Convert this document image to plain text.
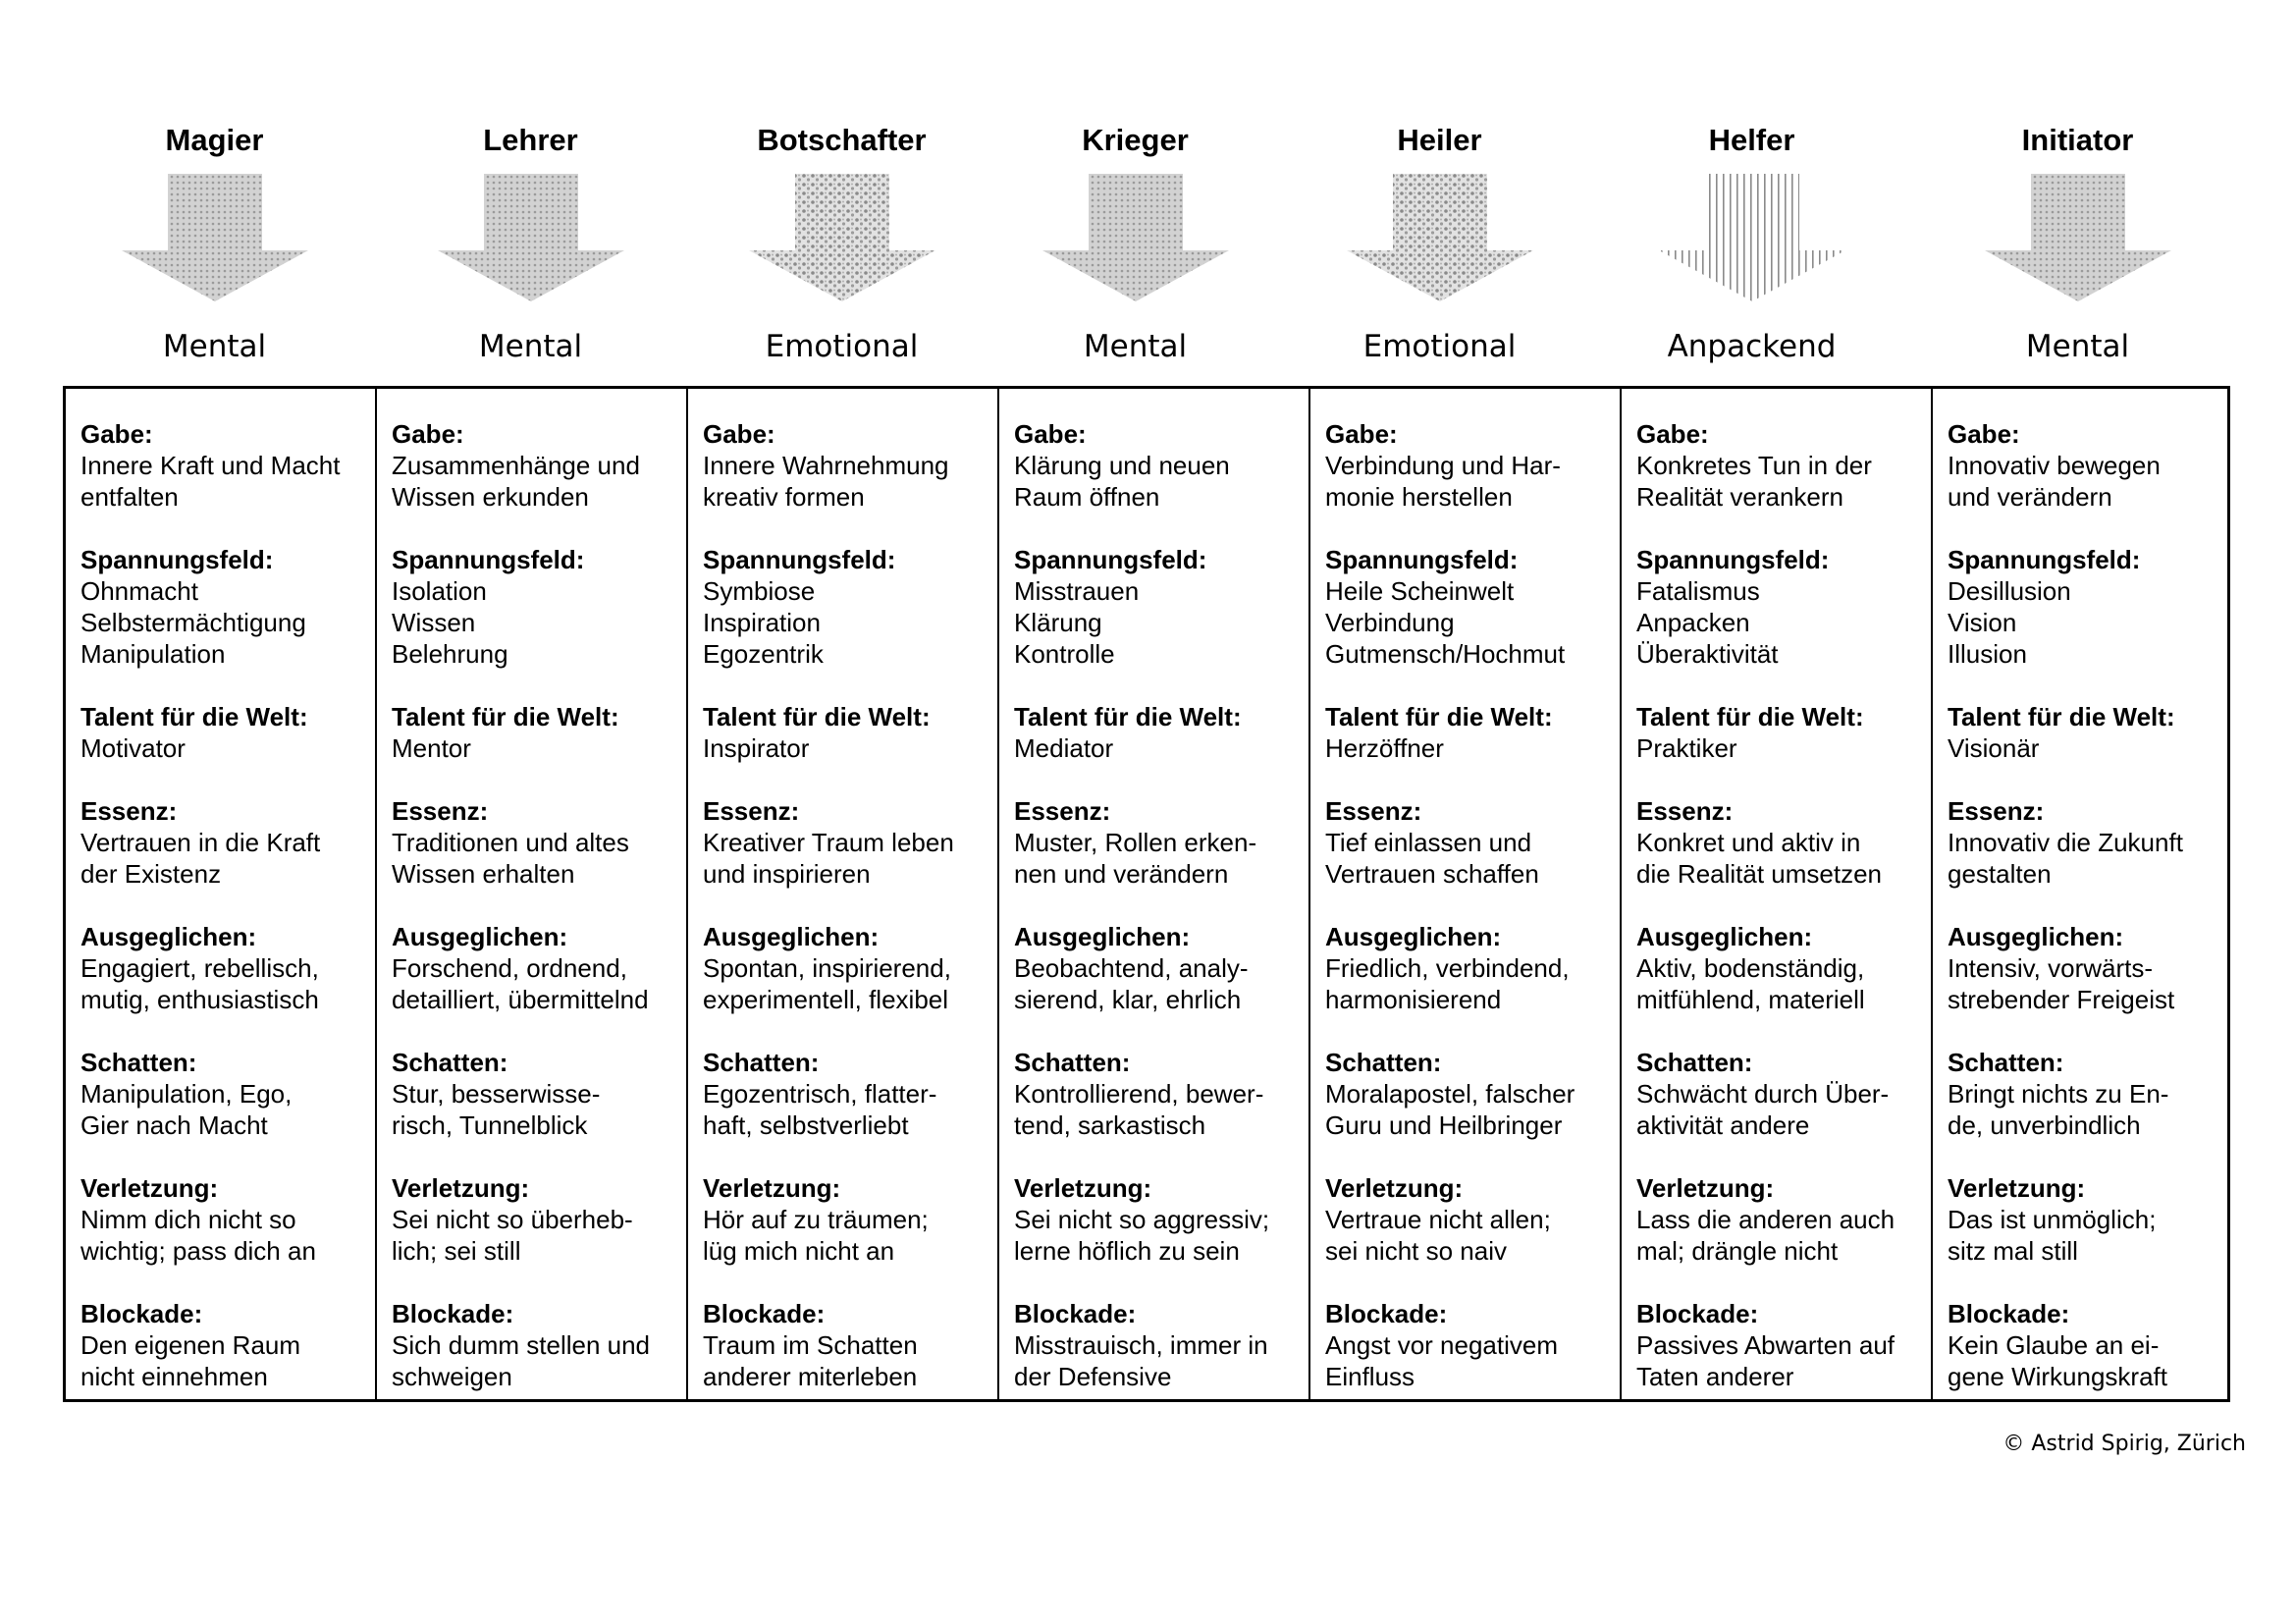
Magier
Mental
Lehrer
Mental
Botschafter
Emotional
Krieger
Mental
Heiler
Emotional
Helfer
Anpackend
Initiator
Mental
Gabe:
Innere Kraft und Macht
entfalten
Spannungsfeld:
Ohnmacht
Selbstermächtigung
Manipulation
Talent für die Welt:
Motivator
Essenz:
Vertrauen in die Kraft
der Existenz
Ausgeglichen:
Engagiert, rebellisch,
mutig, enthusiastisch
Schatten:
Manipulation, Ego,
Gier nach Macht
Verletzung:
Nimm dich nicht so
wichtig; pass dich an
Blockade:
Den eigenen Raum
nicht einnehmen
Gabe:
Zusammenhänge und
Wissen erkunden
Spannungsfeld:
Isolation
Wissen
Belehrung
Talent für die Welt:
Mentor
Essenz:
Traditionen und altes
Wissen erhalten
Ausgeglichen:
Forschend, ordnend,
detailliert, übermittelnd
Schatten:
Stur, besserwisse-
risch, Tunnelblick
Verletzung:
Sei nicht so überheb-
lich; sei still
Blockade:
Sich dumm stellen und
schweigen
Gabe:
Innere Wahrnehmung
kreativ formen
Spannungsfeld:
Symbiose
Inspiration
Egozentrik
Talent für die Welt:
Inspirator
Essenz:
Kreativer Traum leben
und inspirieren
Ausgeglichen:
Spontan, inspirierend,
experimentell, flexibel
Schatten:
Egozentrisch, flatter-
haft, selbstverliebt
Verletzung:
Hör auf zu träumen;
lüg mich nicht an
Blockade:
Traum im Schatten
anderer miterleben
Gabe:
Klärung und neuen
Raum öffnen
Spannungsfeld:
Misstrauen
Klärung
Kontrolle
Talent für die Welt:
Mediator
Essenz:
Muster, Rollen erken-
nen und verändern
Ausgeglichen:
Beobachtend, analy-
sierend, klar, ehrlich
Schatten:
Kontrollierend, bewer-
tend, sarkastisch
Verletzung:
Sei nicht so aggressiv;
lerne höflich zu sein
Blockade:
Misstrauisch, immer in
der Defensive
Gabe:
Verbindung und Har-
monie herstellen
Spannungsfeld:
Heile Scheinwelt
Verbindung
Gutmensch/Hochmut
Talent für die Welt:
Herzöffner
Essenz:
Tief einlassen und
Vertrauen schaffen
Ausgeglichen:
Friedlich, verbindend,
harmonisierend
Schatten:
Moralapostel, falscher
Guru und Heilbringer
Verletzung:
Vertraue nicht allen;
sei nicht so naiv
Blockade:
Angst vor negativem
Einfluss
Gabe:
Konkretes Tun in der
Realität verankern
Spannungsfeld:
Fatalismus
Anpacken
Überaktivität
Talent für die Welt:
Praktiker
Essenz:
Konkret und aktiv in
die Realität umsetzen
Ausgeglichen:
Aktiv, bodenständig,
mitfühlend, materiell
Schatten:
Schwächt durch Über-
aktivität andere
Verletzung:
Lass die anderen auch
mal; drängle nicht
Blockade:
Passives Abwarten auf
Taten anderer
Gabe:
Innovativ bewegen
und verändern
Spannungsfeld:
Desillusion
Vision
Illusion
Talent für die Welt:
Visionär
Essenz:
Innovativ die Zukunft
gestalten
Ausgeglichen:
Intensiv, vorwärts-
strebender Freigeist
Schatten:
Bringt nichts zu En-
de, unverbindlich
Verletzung:
Das ist unmöglich;
sitz mal still
Blockade:
Kein Glaube an ei-
gene Wirkungskraft
© Astrid Spirig, Zürich
